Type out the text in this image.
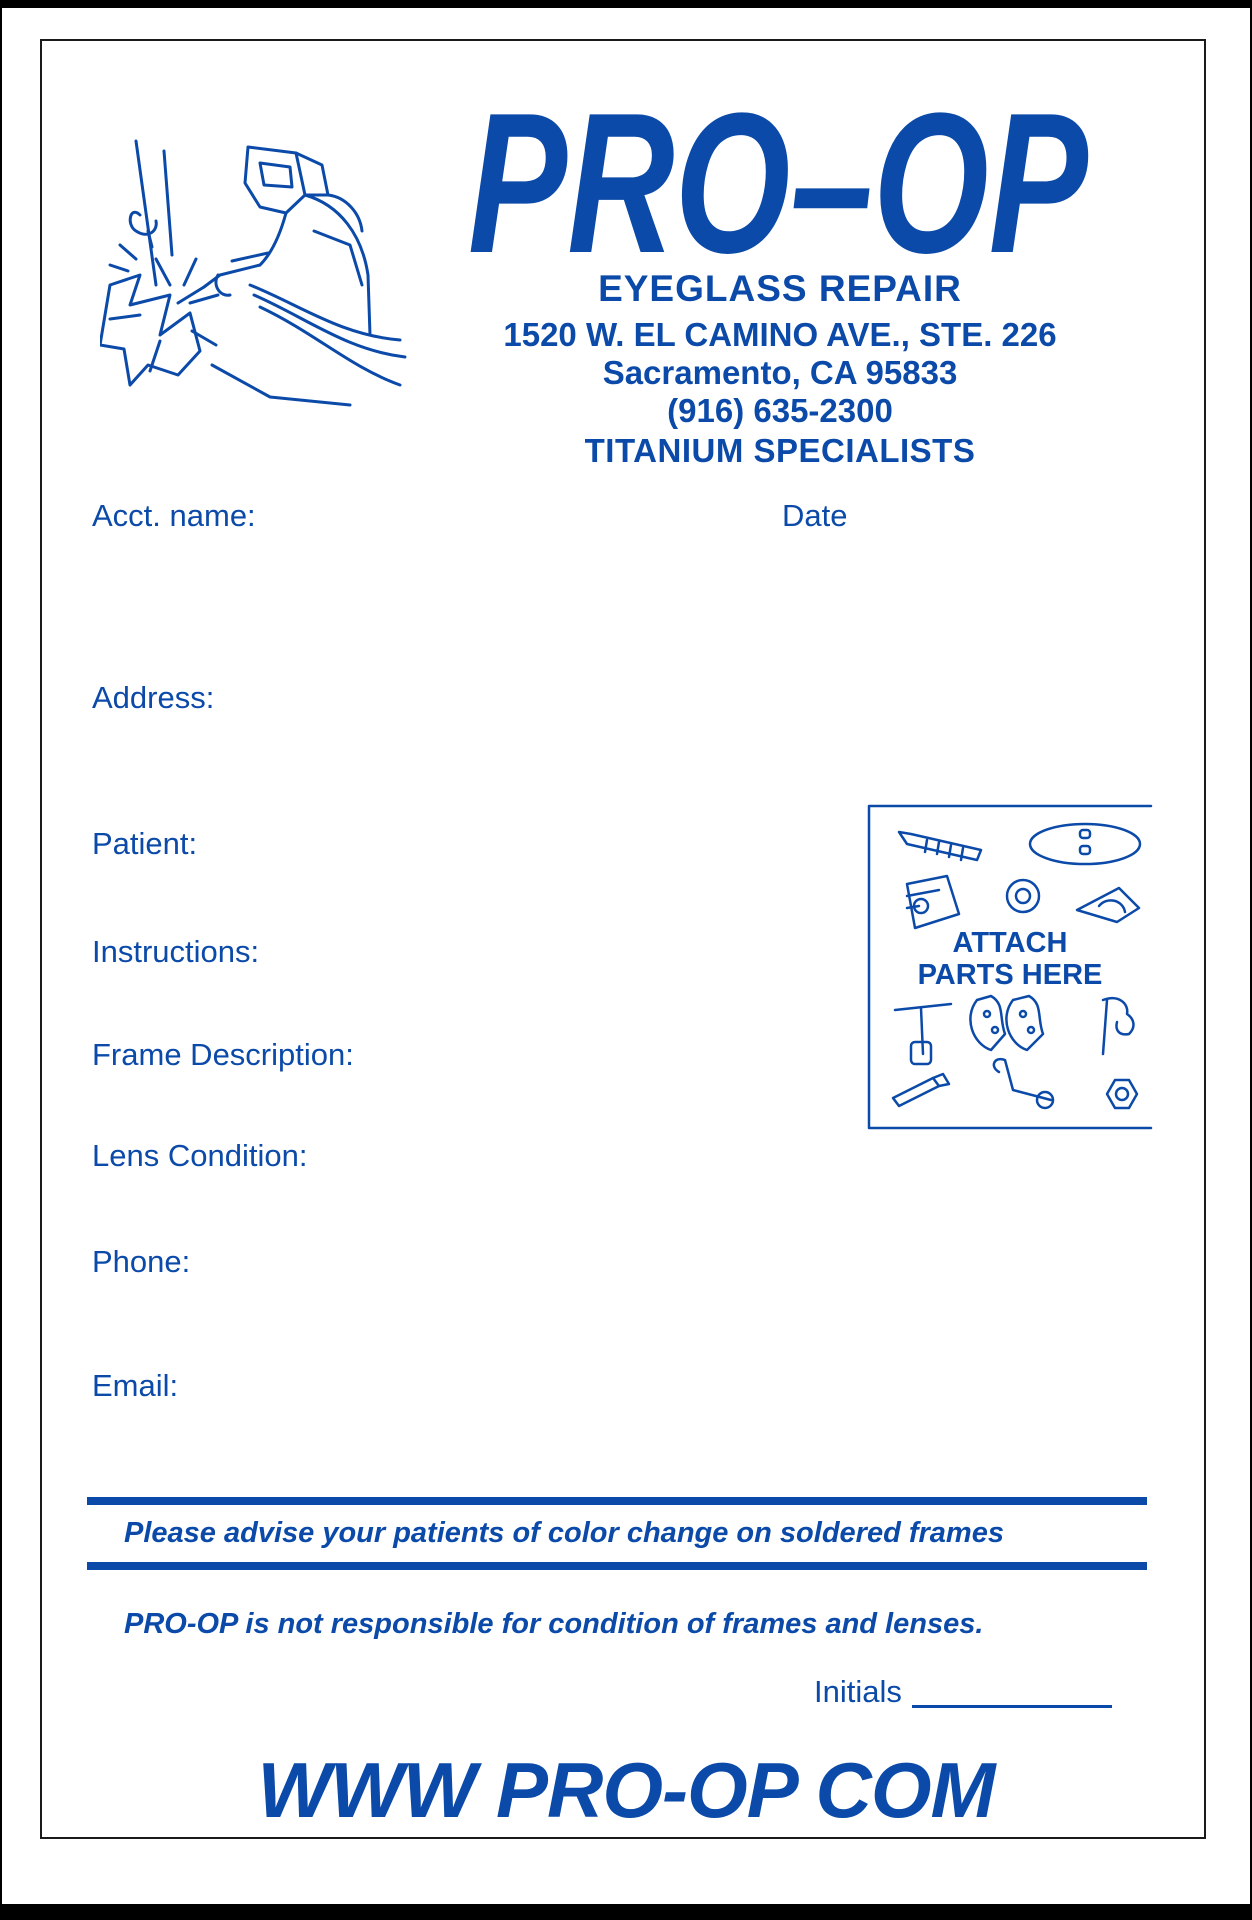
PRO–OP
EYEGLASS REPAIR
1520 W. EL CAMINO AVE., STE. 226
Sacramento, CA 95833
(916) 635-2300
TITANIUM SPECIALISTS
Acct. name:	Date
Address:
Patient:
Instructions:
Frame Description:
Lens Condition:
Phone:
Email:
ATTACH
PARTS HERE
Please advise your patients of color change on soldered frames
PRO-OP is not responsible for condition of frames and lenses.
Initials
WWW PRO-OP COM
